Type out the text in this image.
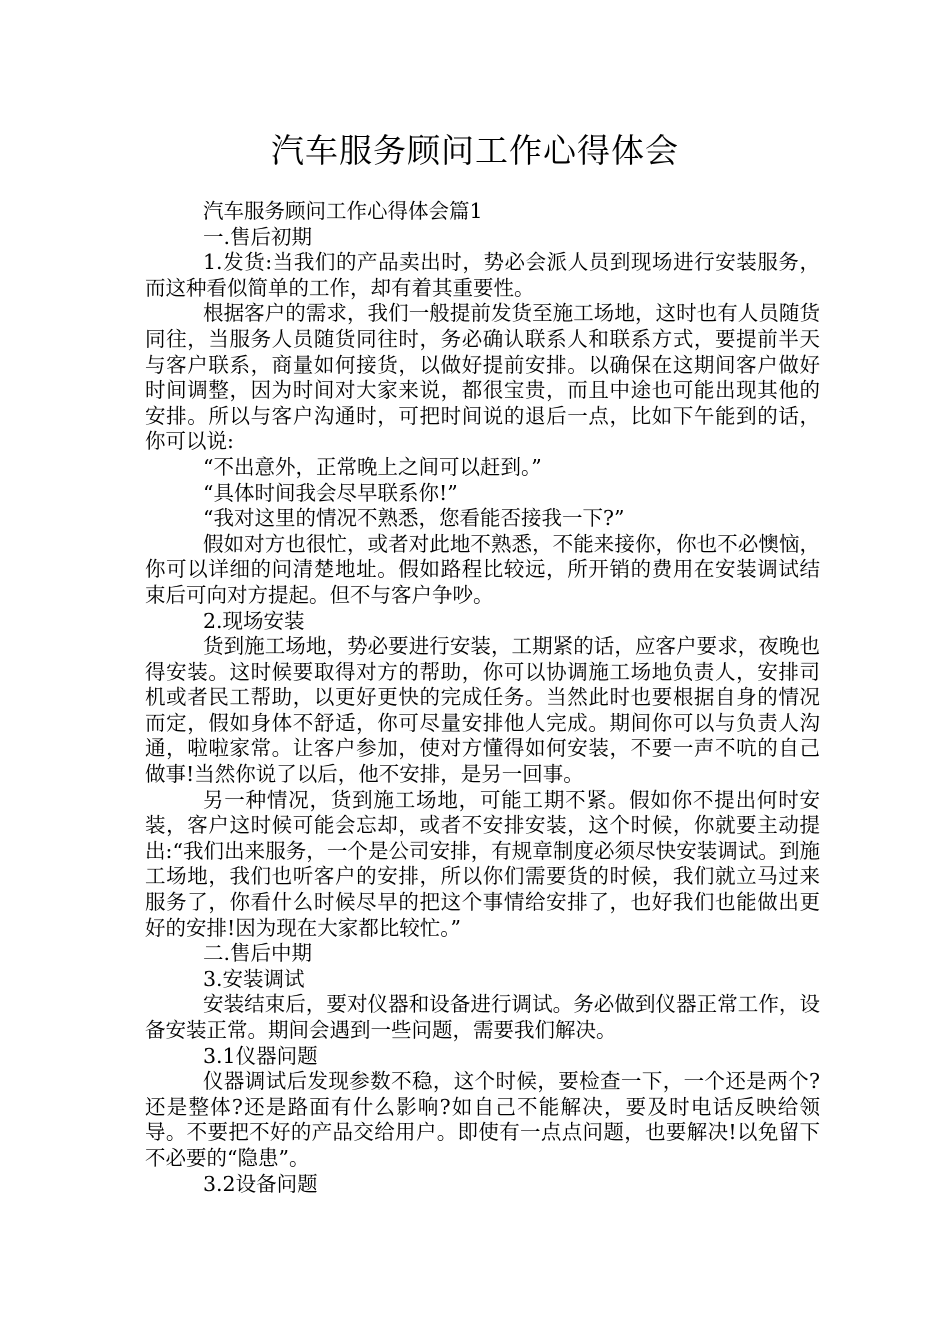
汽车服务顾问工作心得体会

汽车服务顾问工作心得体会篇1

一.售后初期

1.发货:当我们的产品卖出时，势必会派人员到现场进行安装服务，而这种看似简单的工作，却有着其重要性。

根据客户的需求，我们一般提前发货至施工场地，这时也有人员随货同往，当服务人员随货同往时，务必确认联系人和联系方式，要提前半天与客户联系，商量如何接货，以做好提前安排。以确保在这期间客户做好时间调整，因为时间对大家来说，都很宝贵，而且中途也可能出现其他的安排。所以与客户沟通时，可把时间说的退后一点，比如下午能到的话，你可以说:

“不出意外，正常晚上之间可以赶到。”

“具体时间我会尽早联系你!”

“我对这里的情况不熟悉，您看能否接我一下?”

假如对方也很忙，或者对此地不熟悉，不能来接你，你也不必懊恼，你可以详细的问清楚地址。假如路程比较远，所开销的费用在安装调试结束后可向对方提起。但不与客户争吵。

2.现场安装

货到施工场地，势必要进行安装，工期紧的话，应客户要求，夜晚也得安装。这时候要取得对方的帮助，你可以协调施工场地负责人，安排司机或者民工帮助，以更好更快的完成任务。当然此时也要根据自身的情况而定，假如身体不舒适，你可尽量安排他人完成。期间你可以与负责人沟通，啦啦家常。让客户参加，使对方懂得如何安装，不要一声不吭的自己做事!当然你说了以后，他不安排，是另一回事。

另一种情况，货到施工场地，可能工期不紧。假如你不提出何时安装，客户这时候可能会忘却，或者不安排安装，这个时候，你就要主动提出:“我们出来服务，一个是公司安排，有规章制度必须尽快安装调试。到施工场地，我们也听客户的安排，所以你们需要货的时候，我们就立马过来服务了，你看什么时候尽早的把这个事情给安排了，也好我们也能做出更好的安排!因为现在大家都比较忙。”

二.售后中期

3.安装调试

安装结束后，要对仪器和设备进行调试。务必做到仪器正常工作，设备安装正常。期间会遇到一些问题，需要我们解决。

3.1仪器问题

仪器调试后发现参数不稳，这个时候，要检查一下，一个还是两个?还是整体?还是路面有什么影响?如自己不能解决，要及时电话反映给领导。不要把不好的产品交给用户。即使有一点点问题，也要解决!以免留下不必要的“隐患”。

3.2设备问题
